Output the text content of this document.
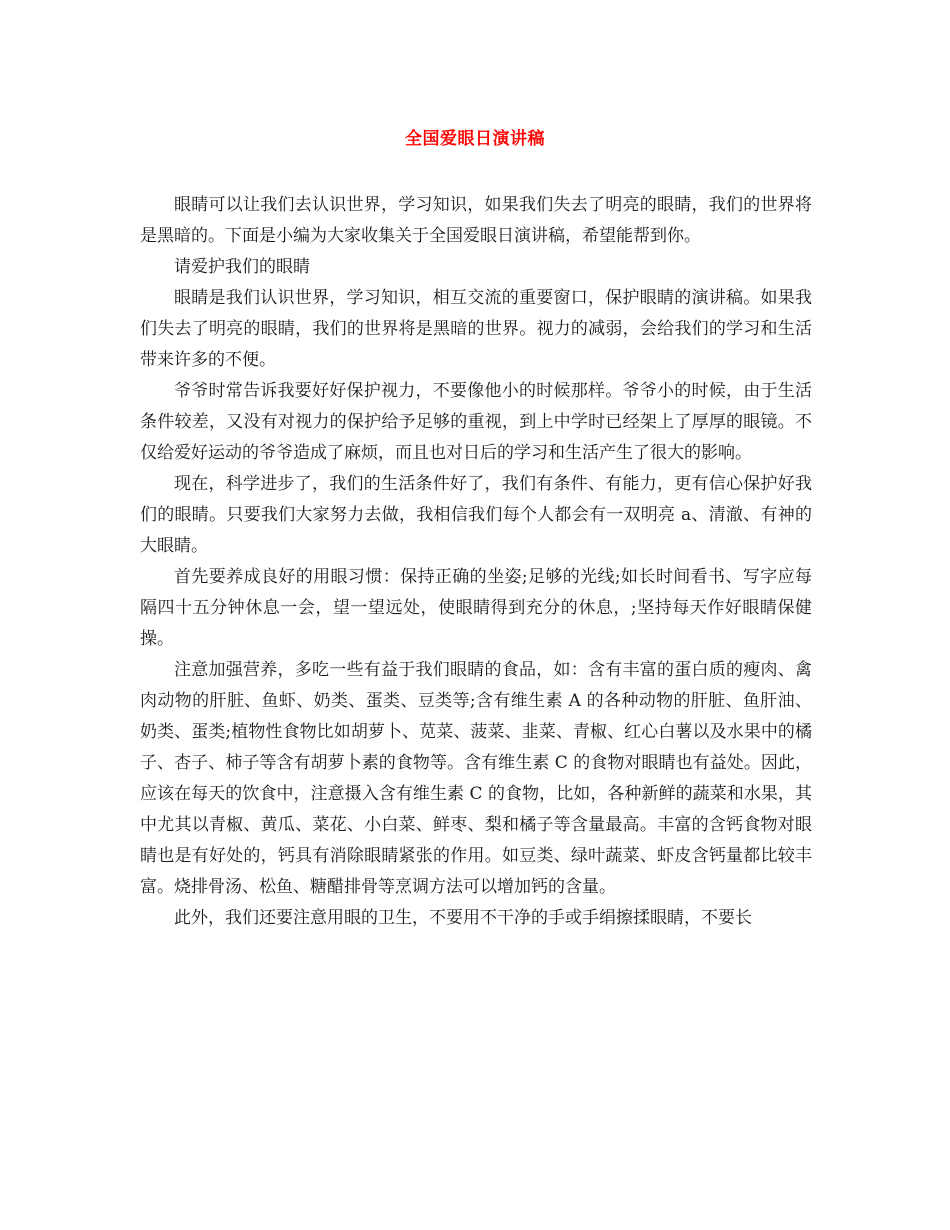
全国爱眼日演讲稿

眼睛可以让我们去认识世界，学习知识，如果我们失去了明亮的眼睛，我们的世界将是黑暗的。下面是小编为大家收集关于全国爱眼日演讲稿，希望能帮到你。

请爱护我们的眼睛

眼睛是我们认识世界，学习知识，相互交流的重要窗口，保护眼睛的演讲稿。如果我们失去了明亮的眼睛，我们的世界将是黑暗的世界。视力的减弱，会给我们的学习和生活带来许多的不便。

爷爷时常告诉我要好好保护视力，不要像他小的时候那样。爷爷小的时候，由于生活条件较差，又没有对视力的保护给予足够的重视，到上中学时已经架上了厚厚的眼镜。不仅给爱好运动的爷爷造成了麻烦，而且也对日后的学习和生活产生了很大的影响。

现在，科学进步了，我们的生活条件好了，我们有条件、有能力，更有信心保护好我们的眼睛。只要我们大家努力去做，我相信我们每个人都会有一双明亮 a、清澈、有神的大眼睛。

首先要养成良好的用眼习惯：保持正确的坐姿;足够的光线;如长时间看书、写字应每隔四十五分钟休息一会，望一望远处，使眼睛得到充分的休息，;坚持每天作好眼睛保健操。

注意加强营养，多吃一些有益于我们眼睛的食品，如：含有丰富的蛋白质的瘦肉、禽肉动物的肝脏、鱼虾、奶类、蛋类、豆类等;含有维生素 A 的各种动物的肝脏、鱼肝油、奶类、蛋类;植物性食物比如胡萝卜、苋菜、菠菜、韭菜、青椒、红心白薯以及水果中的橘子、杏子、柿子等含有胡萝卜素的食物等。含有维生素 C 的食物对眼睛也有益处。因此，应该在每天的饮食中，注意摄入含有维生素 C 的食物，比如，各种新鲜的蔬菜和水果，其中尤其以青椒、黄瓜、菜花、小白菜、鲜枣、梨和橘子等含量最高。丰富的含钙食物对眼睛也是有好处的，钙具有消除眼睛紧张的作用。如豆类、绿叶蔬菜、虾皮含钙量都比较丰富。烧排骨汤、松鱼、糖醋排骨等烹调方法可以增加钙的含量。

此外，我们还要注意用眼的卫生，不要用不干净的手或手绢擦揉眼睛，不要长
